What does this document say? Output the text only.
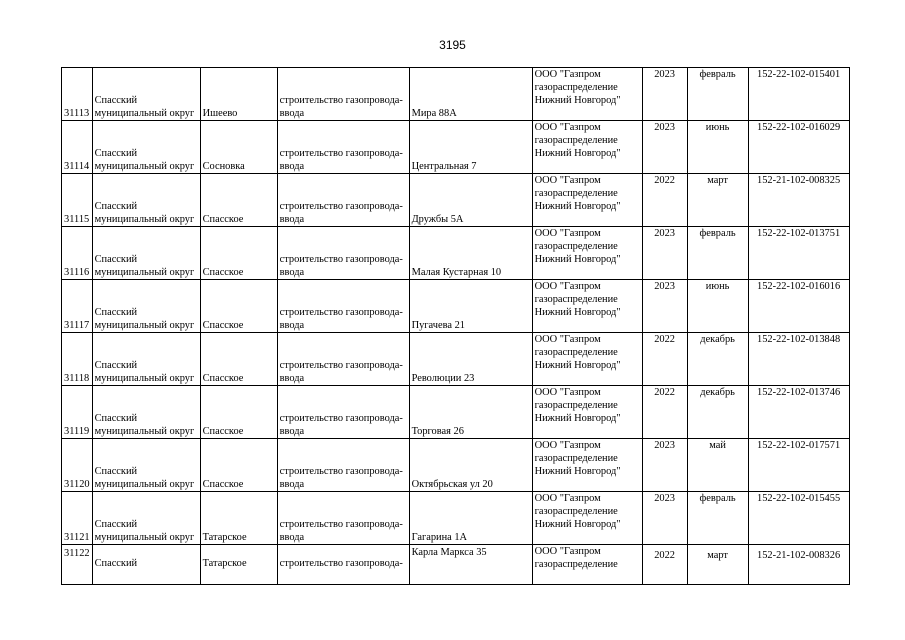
3195
31113	Спасский
муниципальный округ	Ишеево	строительство газопровода-
ввода	Мира 88А	ООО "Газпром
газораспределение
Нижний Новгород"	2023	февраль	152-22-102-015401
31114	Спасский
муниципальный округ	Сосновка	строительство газопровода-
ввода	Центральная 7	ООО "Газпром
газораспределение
Нижний Новгород"	2023	июнь	152-22-102-016029
31115	Спасский
муниципальный округ	Спасское	строительство газопровода-
ввода	Дружбы 5А	ООО "Газпром
газораспределение
Нижний Новгород"	2022	март	152-21-102-008325
31116	Спасский
муниципальный округ	Спасское	строительство газопровода-
ввода	Малая Кустарная 10	ООО "Газпром
газораспределение
Нижний Новгород"	2023	февраль	152-22-102-013751
31117	Спасский
муниципальный округ	Спасское	строительство газопровода-
ввода	Пугачева 21	ООО "Газпром
газораспределение
Нижний Новгород"	2023	июнь	152-22-102-016016
31118	Спасский
муниципальный округ	Спасское	строительство газопровода-
ввода	Революции 23	ООО "Газпром
газораспределение
Нижний Новгород"	2022	декабрь	152-22-102-013848
31119	Спасский
муниципальный округ	Спасское	строительство газопровода-
ввода	Торговая 26	ООО "Газпром
газораспределение
Нижний Новгород"	2022	декабрь	152-22-102-013746
31120	Спасский
муниципальный округ	Спасское	строительство газопровода-
ввода	Октябрьская ул 20	ООО "Газпром
газораспределение
Нижний Новгород"	2023	май	152-22-102-017571
31121	Спасский
муниципальный округ	Татарское	строительство газопровода-
ввода	Гагарина 1А	ООО "Газпром
газораспределение
Нижний Новгород"	2023	февраль	152-22-102-015455
31122	Спасский	Татарское	строительство газопровода-	Карла Маркса 35	ООО "Газпром
газораспределение	2022	март	152-21-102-008326
